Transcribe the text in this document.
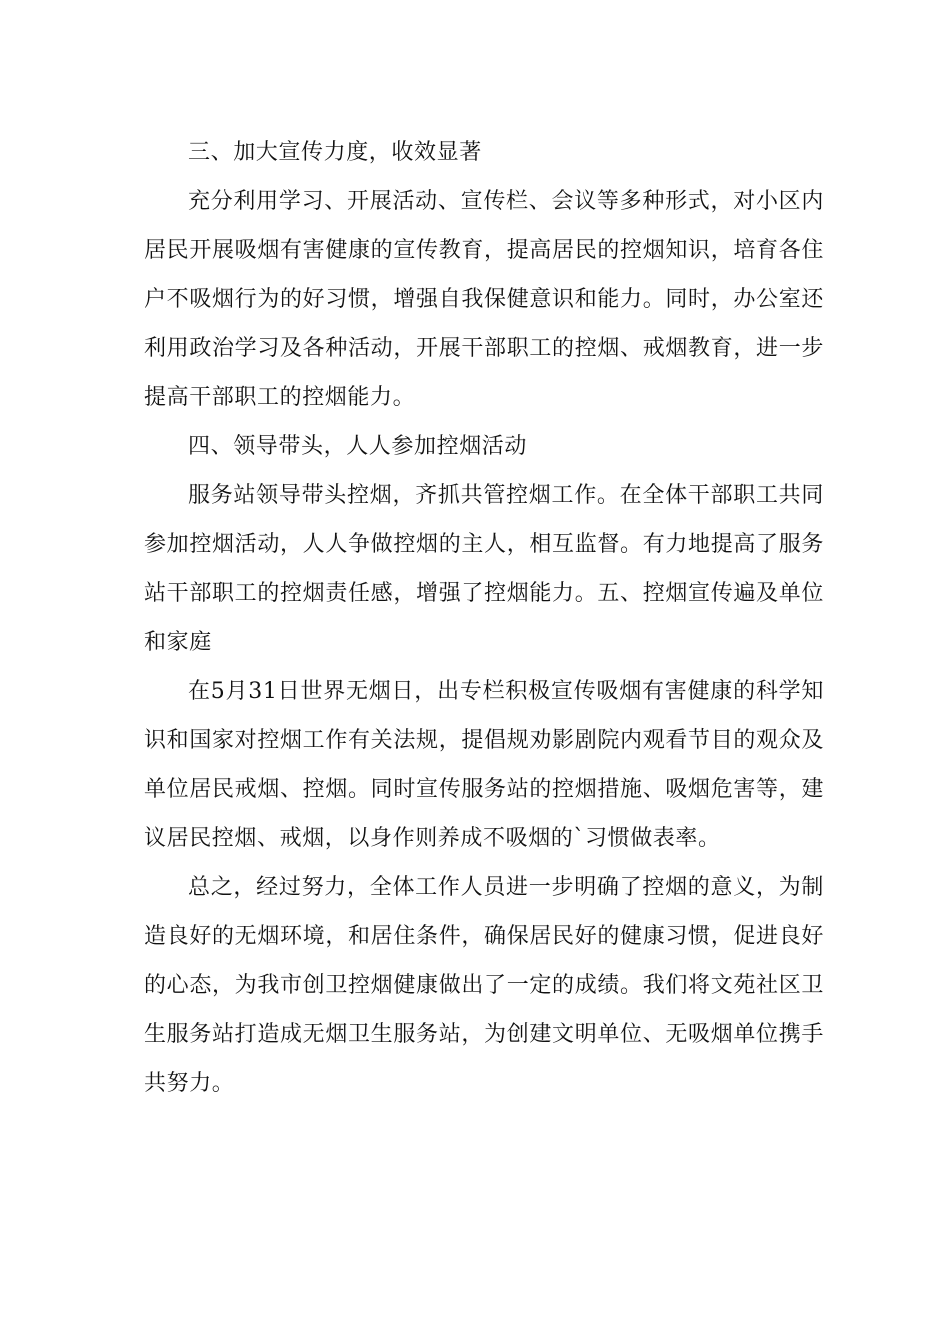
三、加大宣传力度，收效显著

充分利用学习、开展活动、宣传栏、会议等多种形式，对小区内居民开展吸烟有害健康的宣传教育，提高居民的控烟知识，培育各住户不吸烟行为的好习惯，增强自我保健意识和能力。同时，办公室还利用政治学习及各种活动，开展干部职工的控烟、戒烟教育，进一步提高干部职工的控烟能力。

四、领导带头，人人参加控烟活动

服务站领导带头控烟，齐抓共管控烟工作。在全体干部职工共同参加控烟活动，人人争做控烟的主人，相互监督。有力地提高了服务站干部职工的控烟责任感，增强了控烟能力。五、控烟宣传遍及单位和家庭

在5月31日世界无烟日，出专栏积极宣传吸烟有害健康的科学知识和国家对控烟工作有关法规，提倡规劝影剧院内观看节目的观众及单位居民戒烟、控烟。同时宣传服务站的控烟措施、吸烟危害等，建议居民控烟、戒烟，以身作则养成不吸烟的`习惯做表率。

总之，经过努力，全体工作人员进一步明确了控烟的意义，为制造良好的无烟环境，和居住条件，确保居民好的健康习惯，促进良好的心态，为我市创卫控烟健康做出了一定的成绩。我们将文苑社区卫生服务站打造成无烟卫生服务站，为创建文明单位、无吸烟单位携手共努力。
